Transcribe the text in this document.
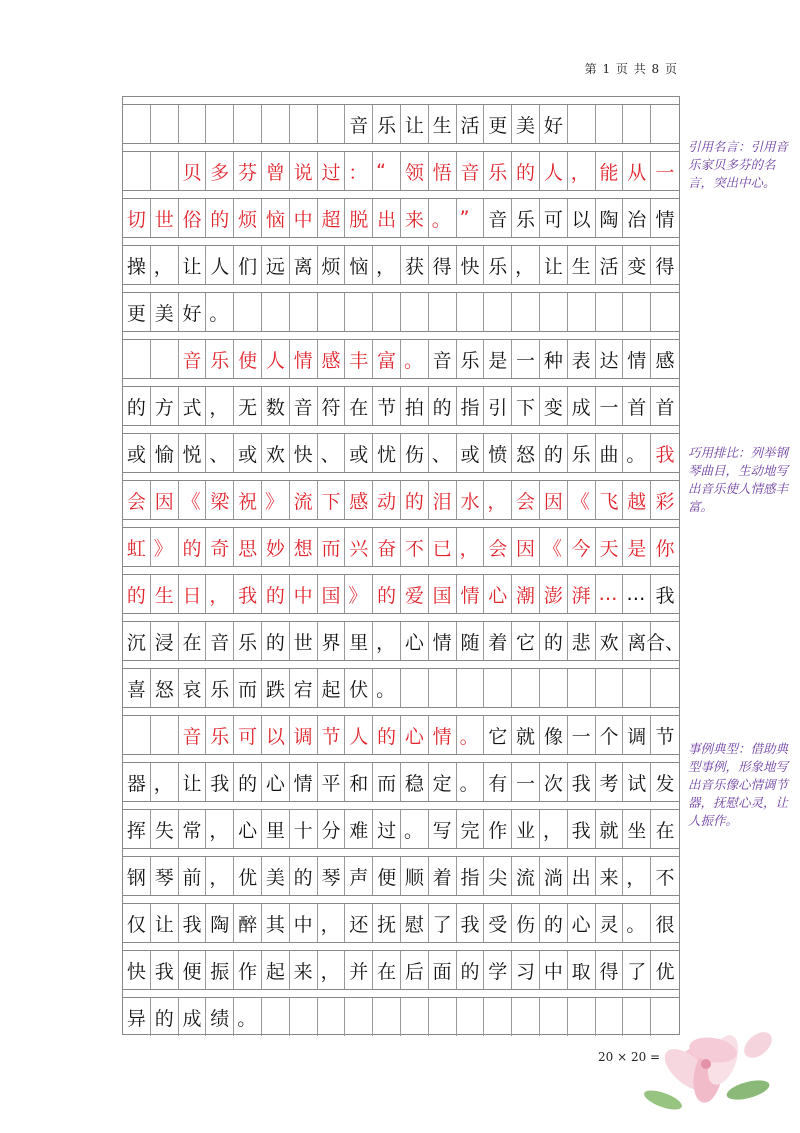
第 1 页 共 8 页
音 乐 让 生 活 更 美 好
贝 多 芬 曾 说 过 ： “ 领 悟 音 乐 的 人 ， 能 从 一
切 世 俗 的 烦 恼 中 超 脱 出 来 。 ” 音 乐 可 以 陶 冶 情
操 ， 让 人 们 远 离 烦 恼 ， 获 得 快 乐 ， 让 生 活 变 得
更 美 好 。
音 乐 使 人 情 感 丰 富 。 音 乐 是 一 种 表 达 情 感
的 方 式 ， 无 数 音 符 在 节 拍 的 指 引 下 变 成 一 首 首
或 愉 悦 、 或 欢 快 、 或 忧 伤 、 或 愤 怒 的 乐 曲 。 我
会 因 《 梁 祝 》 流 下 感 动 的 泪 水 ， 会 因 《 飞 越 彩
虹 》 的 奇 思 妙 想 而 兴 奋 不 已 ， 会 因 《 今 天 是 你
的 生 日 ， 我 的 中 国 》 的 爱 国 情 心 潮 澎 湃 … … 我
沉 浸 在 音 乐 的 世 界 里 ， 心 情 随 着 它 的 悲 欢 离 合、
喜 怒 哀 乐 而 跌 宕 起 伏 。
音 乐 可 以 调 节 人 的 心 情 。 它 就 像 一 个 调 节
器 ， 让 我 的 心 情 平 和 而 稳 定 。 有 一 次 我 考 试 发
挥 失 常 ， 心 里 十 分 难 过 。 写 完 作 业 ， 我 就 坐 在
钢 琴 前 ， 优 美 的 琴 声 便 顺 着 指 尖 流 淌 出 来 ， 不
仅 让 我 陶 醉 其 中 ， 还 抚 慰 了 我 受 伤 的 心 灵 。 很
快 我 便 振 作 起 来 ， 并 在 后 面 的 学 习 中 取 得 了 优
异 的 成 绩 。
引用名言：引用音乐家贝多芬的名言，突出中心。
巧用排比：列举钢琴曲目，生动地写出音乐使人情感丰富。
事例典型：借助典型事例，形象地写出音乐像心情调节器，抚慰心灵，让人振作。
20 × 20 =
